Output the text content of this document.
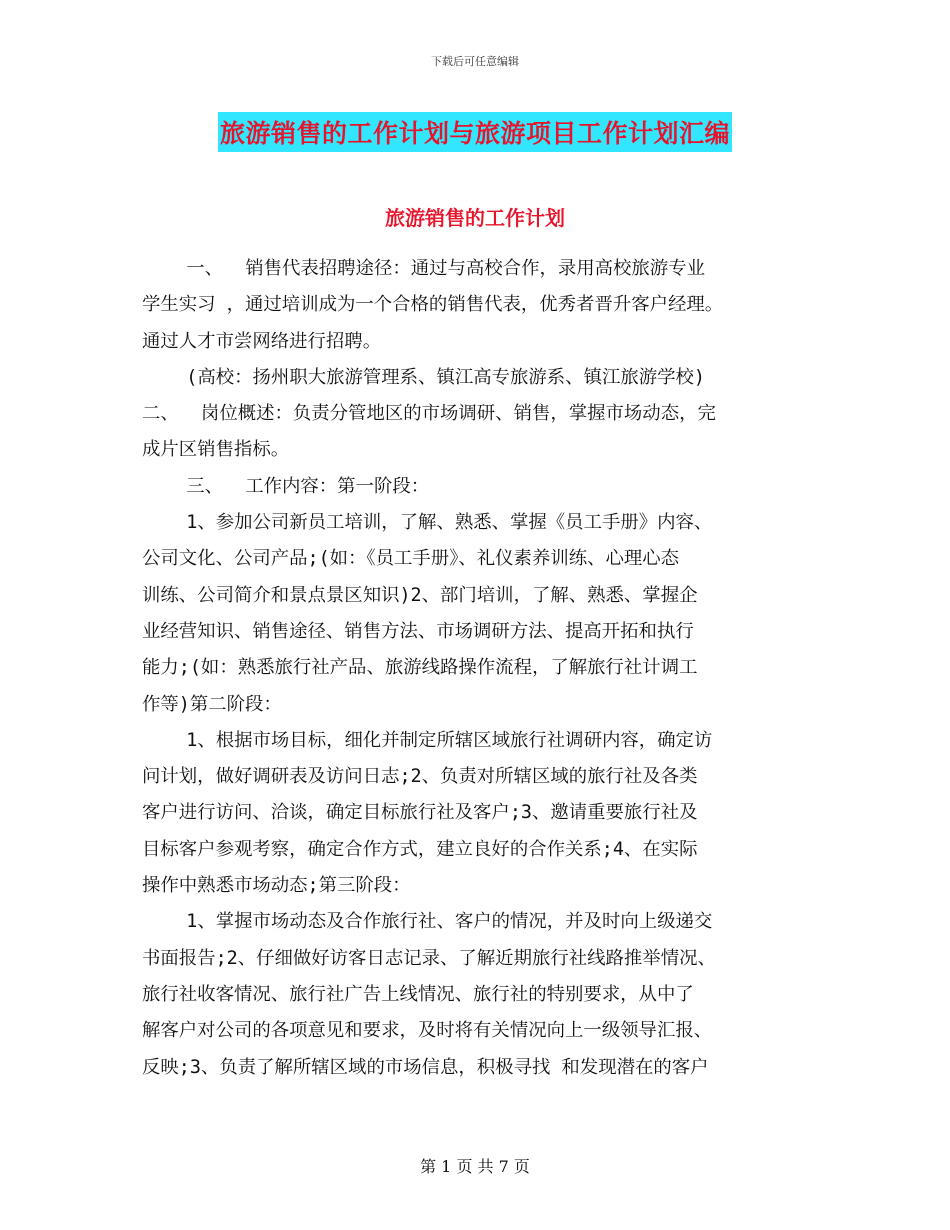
下载后可任意编辑
旅游销售的工作计划与旅游项目工作计划汇编
旅游销售的工作计划
一、  销售代表招聘途径：通过与高校合作，录用高校旅游专业
学生实习 ，通过培训成为一个合格的销售代表，优秀者晋升客户经理。
通过人才市尝网络进行招聘。
(高校：扬州职大旅游管理系、镇江高专旅游系、镇江旅游学校)
二、  岗位概述：负责分管地区的市场调研、销售，掌握市场动态，完
成片区销售指标。
三、  工作内容：第一阶段：
1、参加公司新员工培训，了解、熟悉、掌握《员工手册》内容、
公司文化、公司产品;(如：《员工手册》、礼仪素养训练、心理心态
训练、公司简介和景点景区知识)2、部门培训，了解、熟悉、掌握企
业经营知识、销售途径、销售方法、市场调研方法、提高开拓和执行
能力;(如：熟悉旅行社产品、旅游线路操作流程，了解旅行社计调工
作等)第二阶段：
1、根据市场目标，细化并制定所辖区域旅行社调研内容，确定访
问计划，做好调研表及访问日志;2、负责对所辖区域的旅行社及各类
客户进行访问、洽谈，确定目标旅行社及客户;3、邀请重要旅行社及
目标客户参观考察，确定合作方式，建立良好的合作关系;4、在实际
操作中熟悉市场动态;第三阶段：
1、掌握市场动态及合作旅行社、客户的情况，并及时向上级递交
书面报告;2、仔细做好访客日志记录、了解近期旅行社线路推举情况、
旅行社收客情况、旅行社广告上线情况、旅行社的特别要求，从中了
解客户对公司的各项意见和要求，及时将有关情况向上一级领导汇报、
反映;3、负责了解所辖区域的市场信息，积极寻找 和发现潜在的客户
第 1 页 共 7 页
